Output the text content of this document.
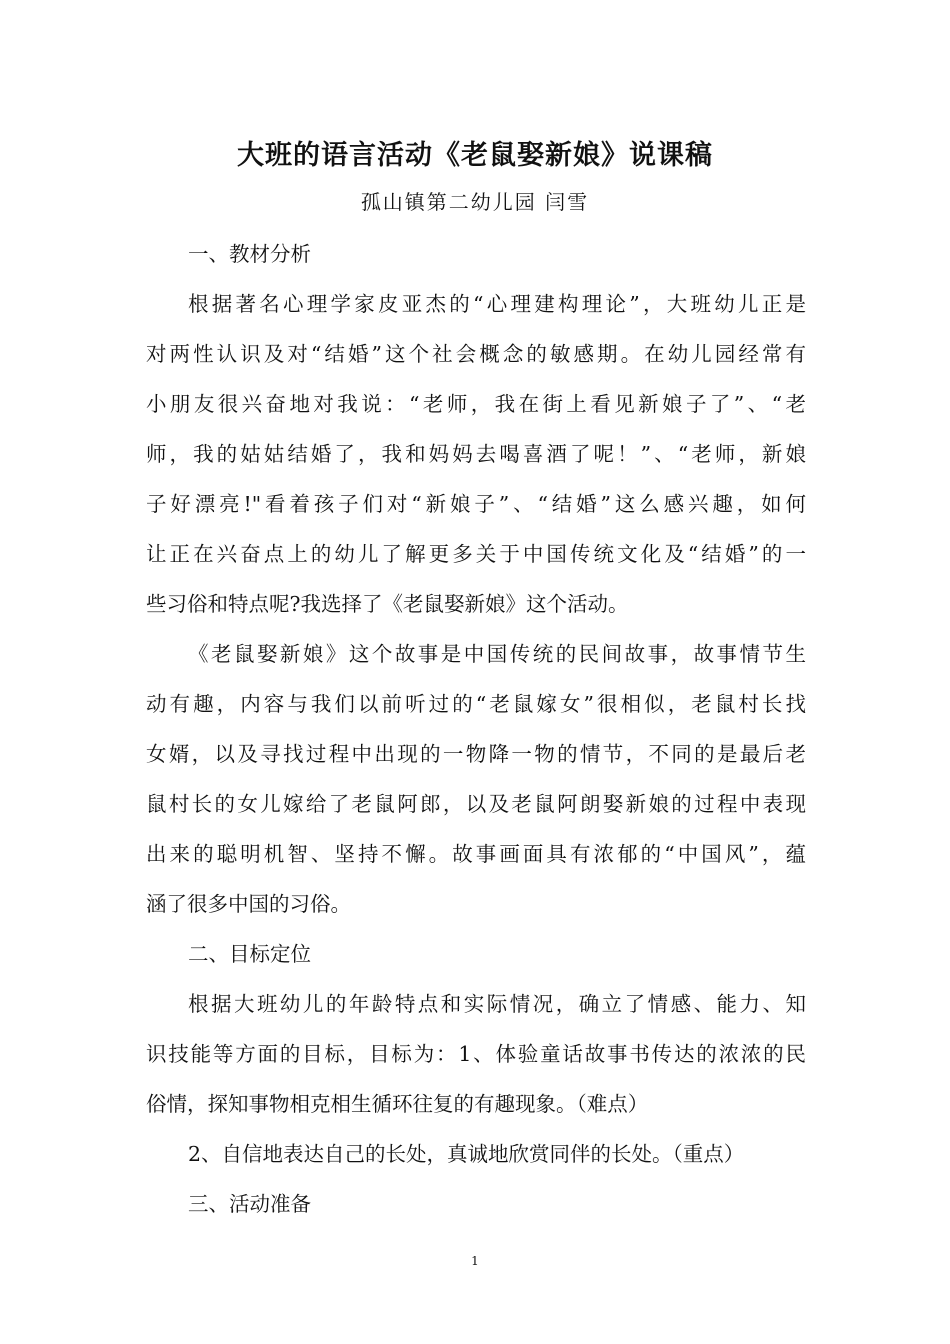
大班的语言活动《老鼠娶新娘》说课稿
孤山镇第二幼儿园 闫雪
一、教材分析
根据著名心理学家皮亚杰的“心理建构理论”，大班幼儿正是
对两性认识及对“结婚”这个社会概念的敏感期。在幼儿园经常有
小朋友很兴奋地对我说：“老师，我在街上看见新娘子了”、“老
师，我的姑姑结婚了，我和妈妈去喝喜酒了呢！”、“老师，新娘
子好漂亮!"看着孩子们对“新娘子”、“结婚”这么感兴趣，如何
让正在兴奋点上的幼儿了解更多关于中国传统文化及“结婚”的一
些习俗和特点呢?我选择了《老鼠娶新娘》这个活动。
《老鼠娶新娘》这个故事是中国传统的民间故事，故事情节生
动有趣，内容与我们以前听过的“老鼠嫁女”很相似，老鼠村长找
女婿，以及寻找过程中出现的一物降一物的情节，不同的是最后老
鼠村长的女儿嫁给了老鼠阿郎，以及老鼠阿朗娶新娘的过程中表现
出来的聪明机智、坚持不懈。故事画面具有浓郁的“中国风”，蕴
涵了很多中国的习俗。
二、目标定位
根据大班幼儿的年龄特点和实际情况，确立了情感、能力、知
识技能等方面的目标，目标为：1、体验童话故事书传达的浓浓的民
俗情，探知事物相克相生循环往复的有趣现象。（难点）
2、自信地表达自己的长处，真诚地欣赏同伴的长处。（重点）
三、活动准备
1
